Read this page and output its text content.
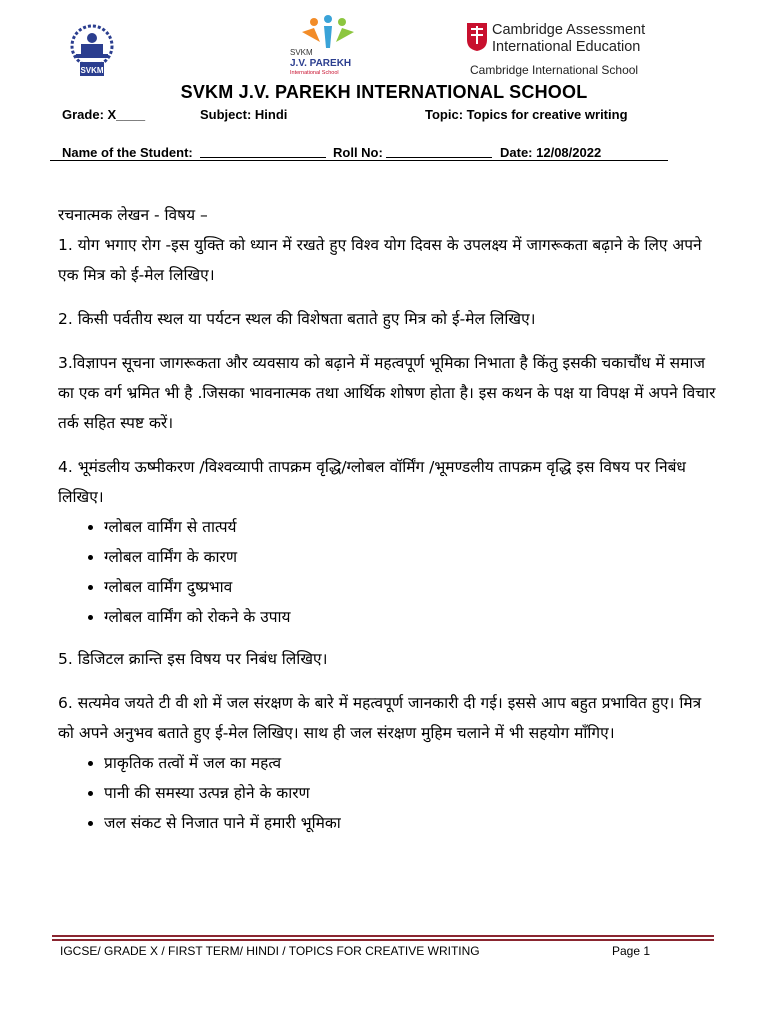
SVKM
SVKM
J.V. PAREKH
International School
Cambridge Assessment
International Education
Cambridge International School
SVKM J.V. PAREKH INTERNATIONAL SCHOOL
Grade: X____	Subject: Hindi	Topic: Topics for creative writing
Name of the Student:	Roll No:	Date: 12/08/2022

रचनात्मक लेखन - विषय –

1. योग भगाए रोग -इस युक्ति को ध्यान में रखते हुए विश्व योग दिवस के उपलक्ष्य में जागरूकता बढ़ाने के लिए अपने एक मित्र को ई-मेल लिखिए।

2. किसी पर्वतीय स्थल या पर्यटन स्थल की विशेषता बताते हुए मित्र को ई-मेल लिखिए।

3.विज्ञापन सूचना जागरूकता और व्यवसाय को बढ़ाने में महत्वपूर्ण भूमिका निभाता है किंतु इसकी चकाचौंध में समाज का एक वर्ग भ्रमित भी है .जिसका भावनात्मक तथा आर्थिक शोषण होता है। इस कथन के पक्ष या विपक्ष में अपने विचार तर्क सहित स्पष्ट करें।

4. भूमंडलीय ऊष्मीकरण /विश्वव्यापी तापक्रम वृद्धि/ग्लोबल वॉर्मिंग /भूमण्डलीय तापक्रम वृद्धि इस विषय पर निबंध लिखिए।

• ग्लोबल वार्मिंग से तात्पर्य
• ग्लोबल वार्मिंग के कारण
• ग्लोबल वार्मिंग दुष्प्रभाव
• ग्लोबल वार्मिंग को रोकने के उपाय

5. डिजिटल क्रान्ति इस विषय पर निबंध लिखिए।

6. सत्यमेव जयते टी वी शो में जल संरक्षण के बारे में महत्वपूर्ण जानकारी दी गई। इससे आप बहुत प्रभावित हुए। मित्र को अपने अनुभव बताते हुए ई-मेल लिखिए। साथ ही जल संरक्षण मुहिम चलाने में भी सहयोग माँगिए।

• प्राकृतिक तत्वों में जल का महत्व
• पानी की समस्या उत्पन्न होने के कारण
• जल संकट से निजात पाने में हमारी भूमिका
IGCSE/ GRADE X / FIRST TERM/ HINDI / TOPICS FOR CREATIVE WRITING	Page 1
